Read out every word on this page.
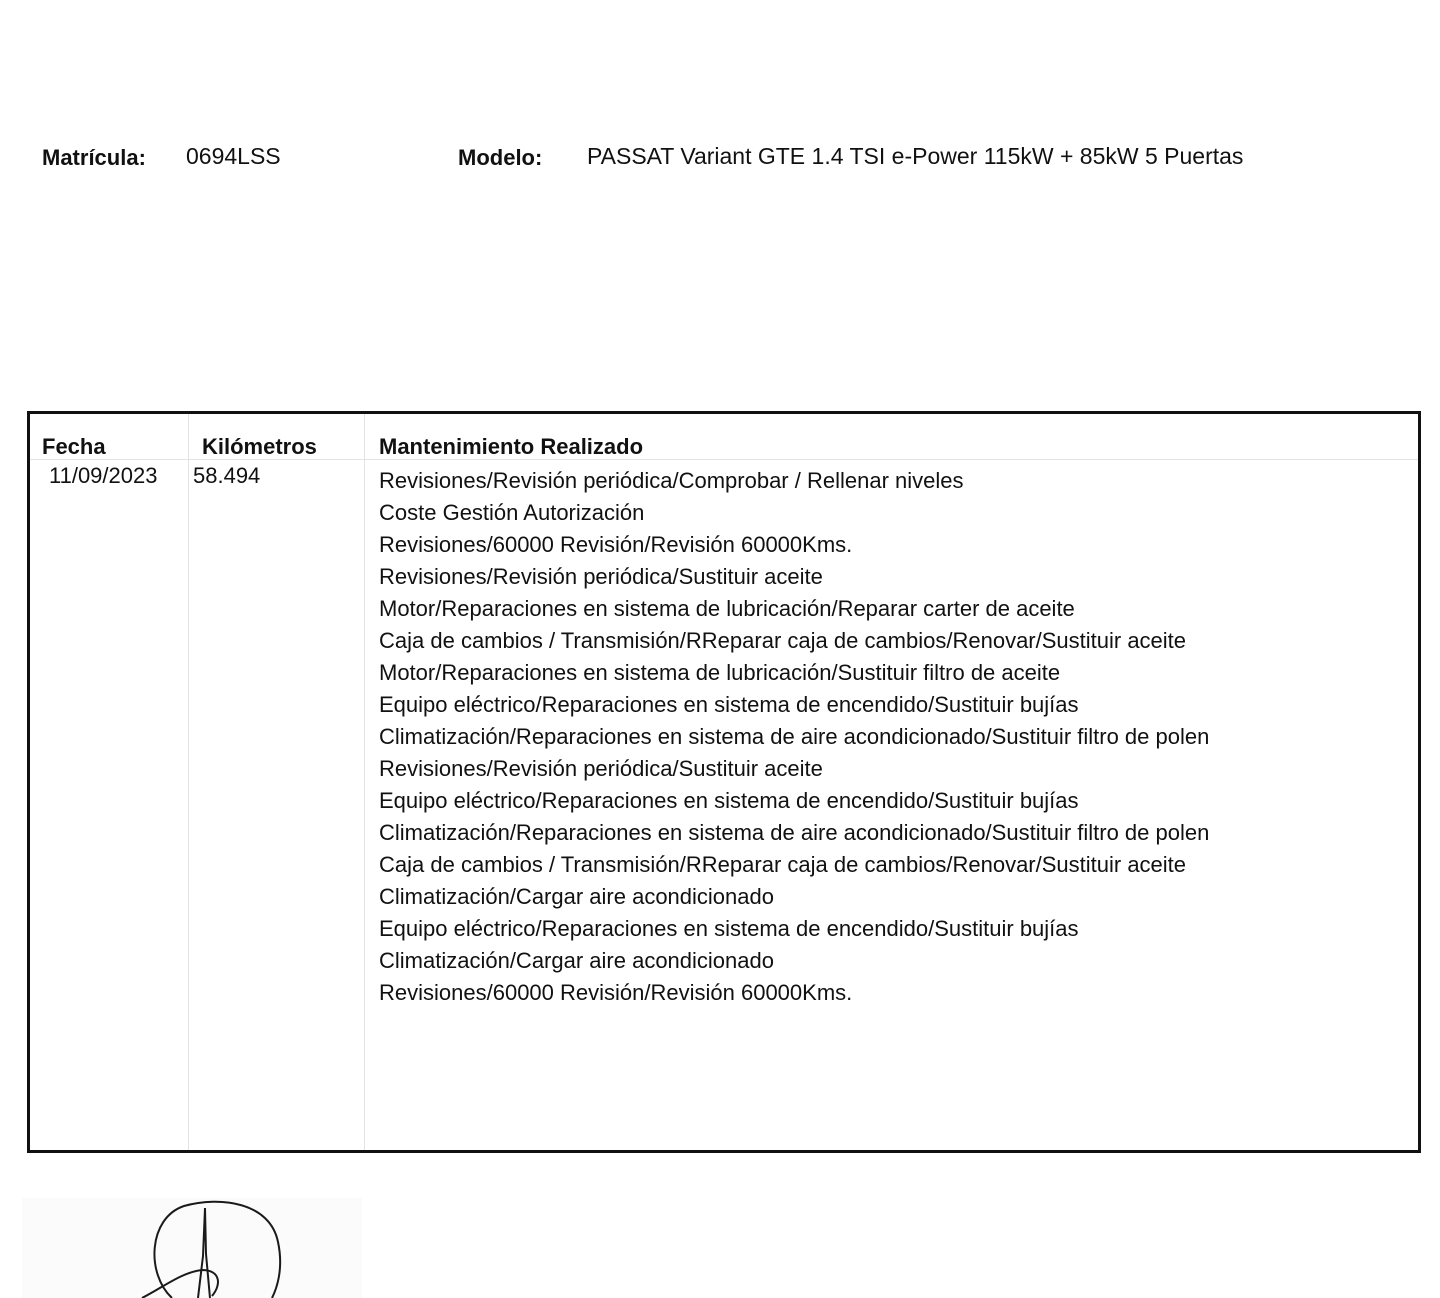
Matrícula: 0694LSS	Modelo: PASSAT Variant GTE 1.4 TSI e-Power 115kW + 85kW 5 Puertas
Fecha	Kilómetros	Mantenimiento Realizado
11/09/2023 58.494	Revisiones/Revisión periódica/Comprobar / Rellenar niveles
Coste Gestión Autorización
Revisiones/60000 Revisión/Revisión 60000Kms.
Revisiones/Revisión periódica/Sustituir aceite
Motor/Reparaciones en sistema de lubricación/Reparar carter de aceite
Caja de cambios / Transmisión/RReparar caja de cambios/Renovar/Sustituir aceite
Motor/Reparaciones en sistema de lubricación/Sustituir filtro de aceite
Equipo eléctrico/Reparaciones en sistema de encendido/Sustituir bujías
Climatización/Reparaciones en sistema de aire acondicionado/Sustituir filtro de polen
Revisiones/Revisión periódica/Sustituir aceite
Equipo eléctrico/Reparaciones en sistema de encendido/Sustituir bujías
Climatización/Reparaciones en sistema de aire acondicionado/Sustituir filtro de polen
Caja de cambios / Transmisión/RReparar caja de cambios/Renovar/Sustituir aceite
Climatización/Cargar aire acondicionado
Equipo eléctrico/Reparaciones en sistema de encendido/Sustituir bujías
Climatización/Cargar aire acondicionado
Revisiones/60000 Revisión/Revisión 60000Kms.
